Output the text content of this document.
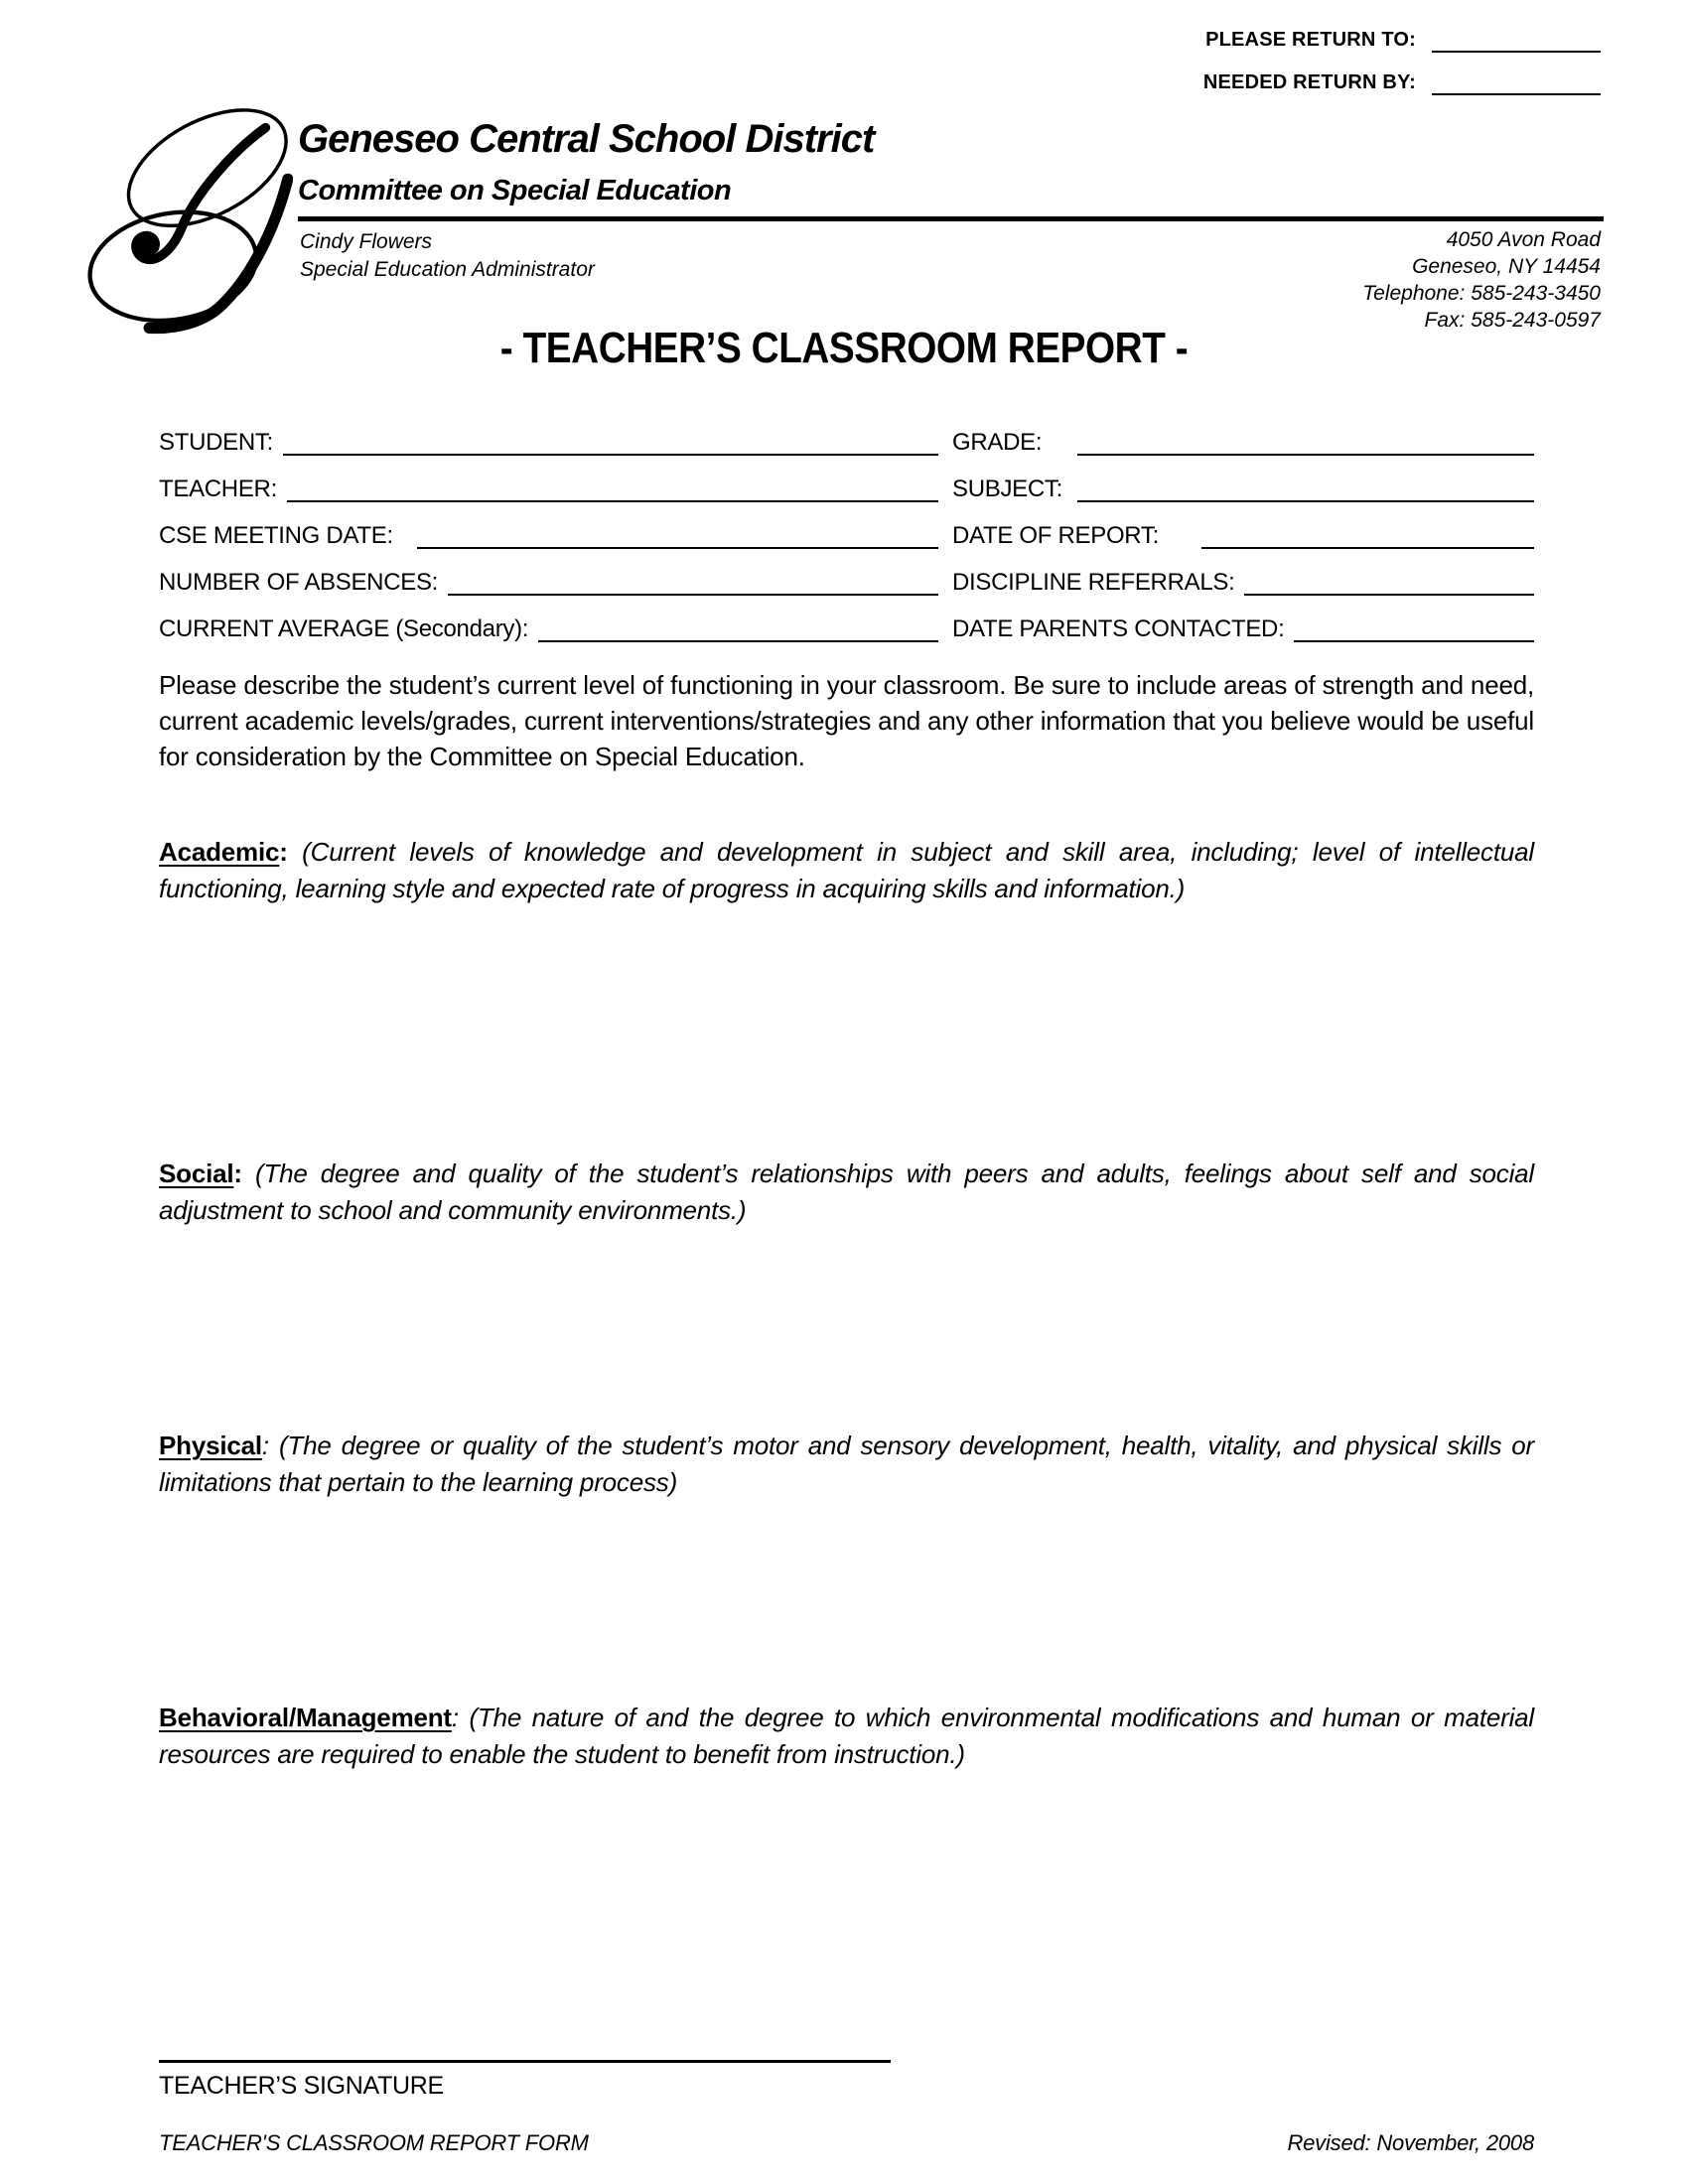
PLEASE RETURN TO:
NEEDED RETURN BY:
Geneseo Central School District
Committee on Special Education
Cindy Flowers
Special Education Administrator
4050 Avon Road
Geneseo, NY 14454
Telephone: 585-243-3450
Fax: 585-243-0597
- TEACHER’S CLASSROOM REPORT -
STUDENT:	GRADE:
TEACHER:	SUBJECT:
CSE MEETING DATE:	DATE OF REPORT:
NUMBER OF ABSENCES:	DISCIPLINE REFERRALS:
CURRENT AVERAGE (Secondary):	DATE PARENTS CONTACTED:

Please describe the student’s current level of functioning in your classroom. Be sure to include areas of strength and need, current academic levels/grades, current interventions/strategies and any other information that you believe would be useful for consideration by the Committee on Special Education.

Academic: (Current levels of knowledge and development in subject and skill area, including; level of intellectual functioning, learning style and expected rate of progress in acquiring skills and information.)

Social: (The degree and quality of the student’s relationships with peers and adults, feelings about self and social adjustment to school and community environments.)

Physical: (The degree or quality of the student’s motor and sensory development, health, vitality, and physical skills or limitations that pertain to the learning process)

Behavioral/Management: (The nature of and the degree to which environmental modifications and human or material resources are required to enable the student to benefit from instruction.)

TEACHER’S SIGNATURE
TEACHER'S CLASSROOM REPORT FORM	Revised: November, 2008
